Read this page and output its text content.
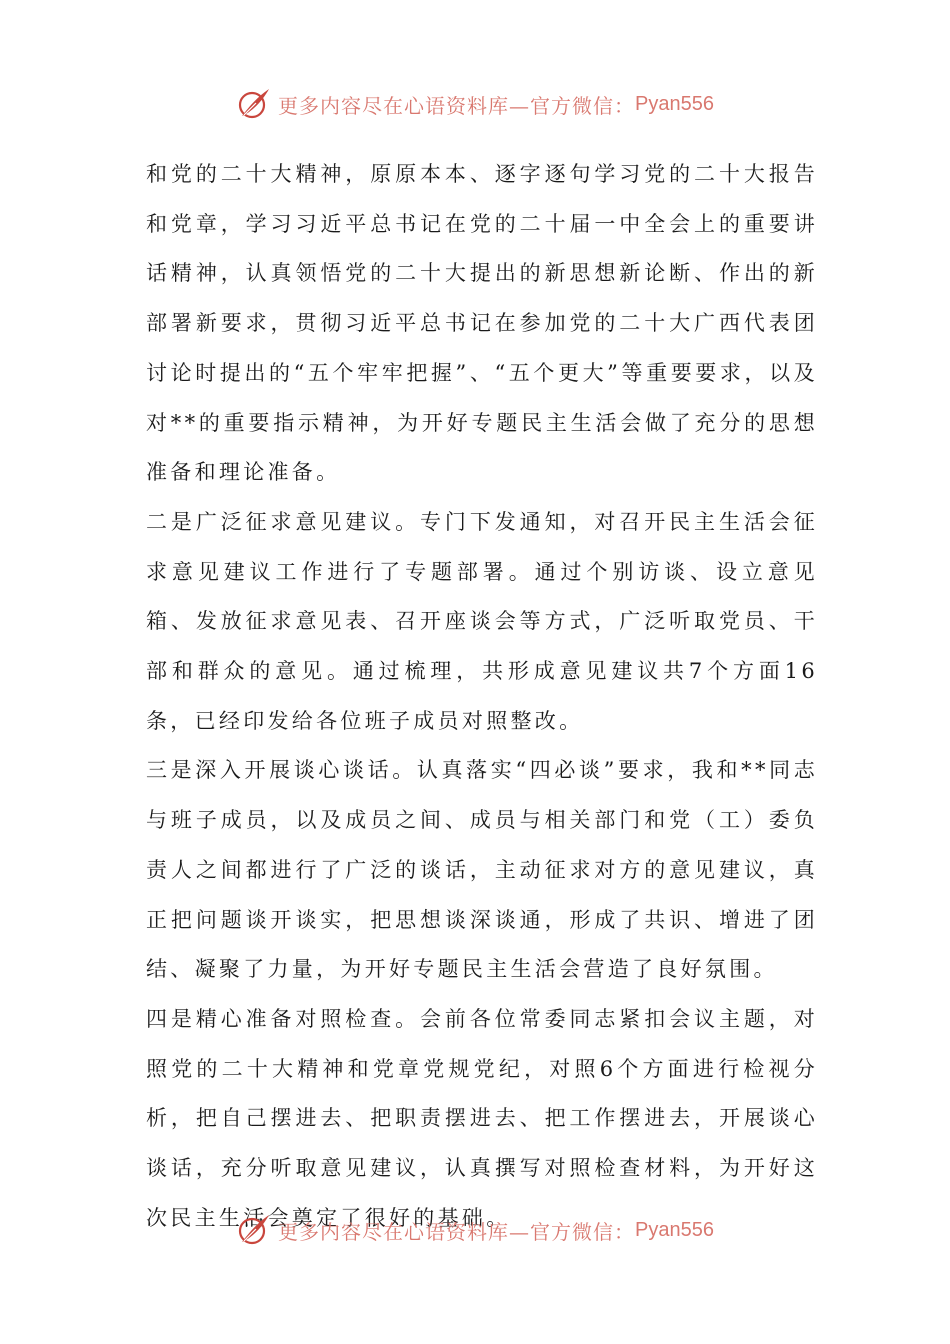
更多内容尽在心语资料库—官方微信： Pyan556

和党的二十大精神，原原本本、逐字逐句学习党的二十大报告和党章，学习习近平总书记在党的二十届一中全会上的重要讲话精神，认真领悟党的二十大提出的新思想新论断、作出的新部署新要求，贯彻习近平总书记在参加党的二十大广西代表团讨论时提出的“五个牢牢把握”、“五个更大”等重要要求，以及对**的重要指示精神，为开好专题民主生活会做了充分的思想准备和理论准备。

二是广泛征求意见建议。专门下发通知，对召开民主生活会征求意见建议工作进行了专题部署。通过个别访谈、设立意见箱、发放征求意见表、召开座谈会等方式，广泛听取党员、干部和群众的意见。通过梳理，共形成意见建议共7个方面16条，已经印发给各位班子成员对照整改。

三是深入开展谈心谈话。认真落实“四必谈”要求，我和**同志与班子成员，以及成员之间、成员与相关部门和党（工）委负责人之间都进行了广泛的谈话，主动征求对方的意见建议，真正把问题谈开谈实，把思想谈深谈通，形成了共识、增进了团结、凝聚了力量，为开好专题民主生活会营造了良好氛围。

四是精心准备对照检查。会前各位常委同志紧扣会议主题，对照党的二十大精神和党章党规党纪，对照6个方面进行检视分析，把自己摆进去、把职责摆进去、把工作摆进去，开展谈心谈话，充分听取意见建议，认真撰写对照检查材料，为开好这次民主生活会奠定了很好的基础。

更多内容尽在心语资料库—官方微信： Pyan556
